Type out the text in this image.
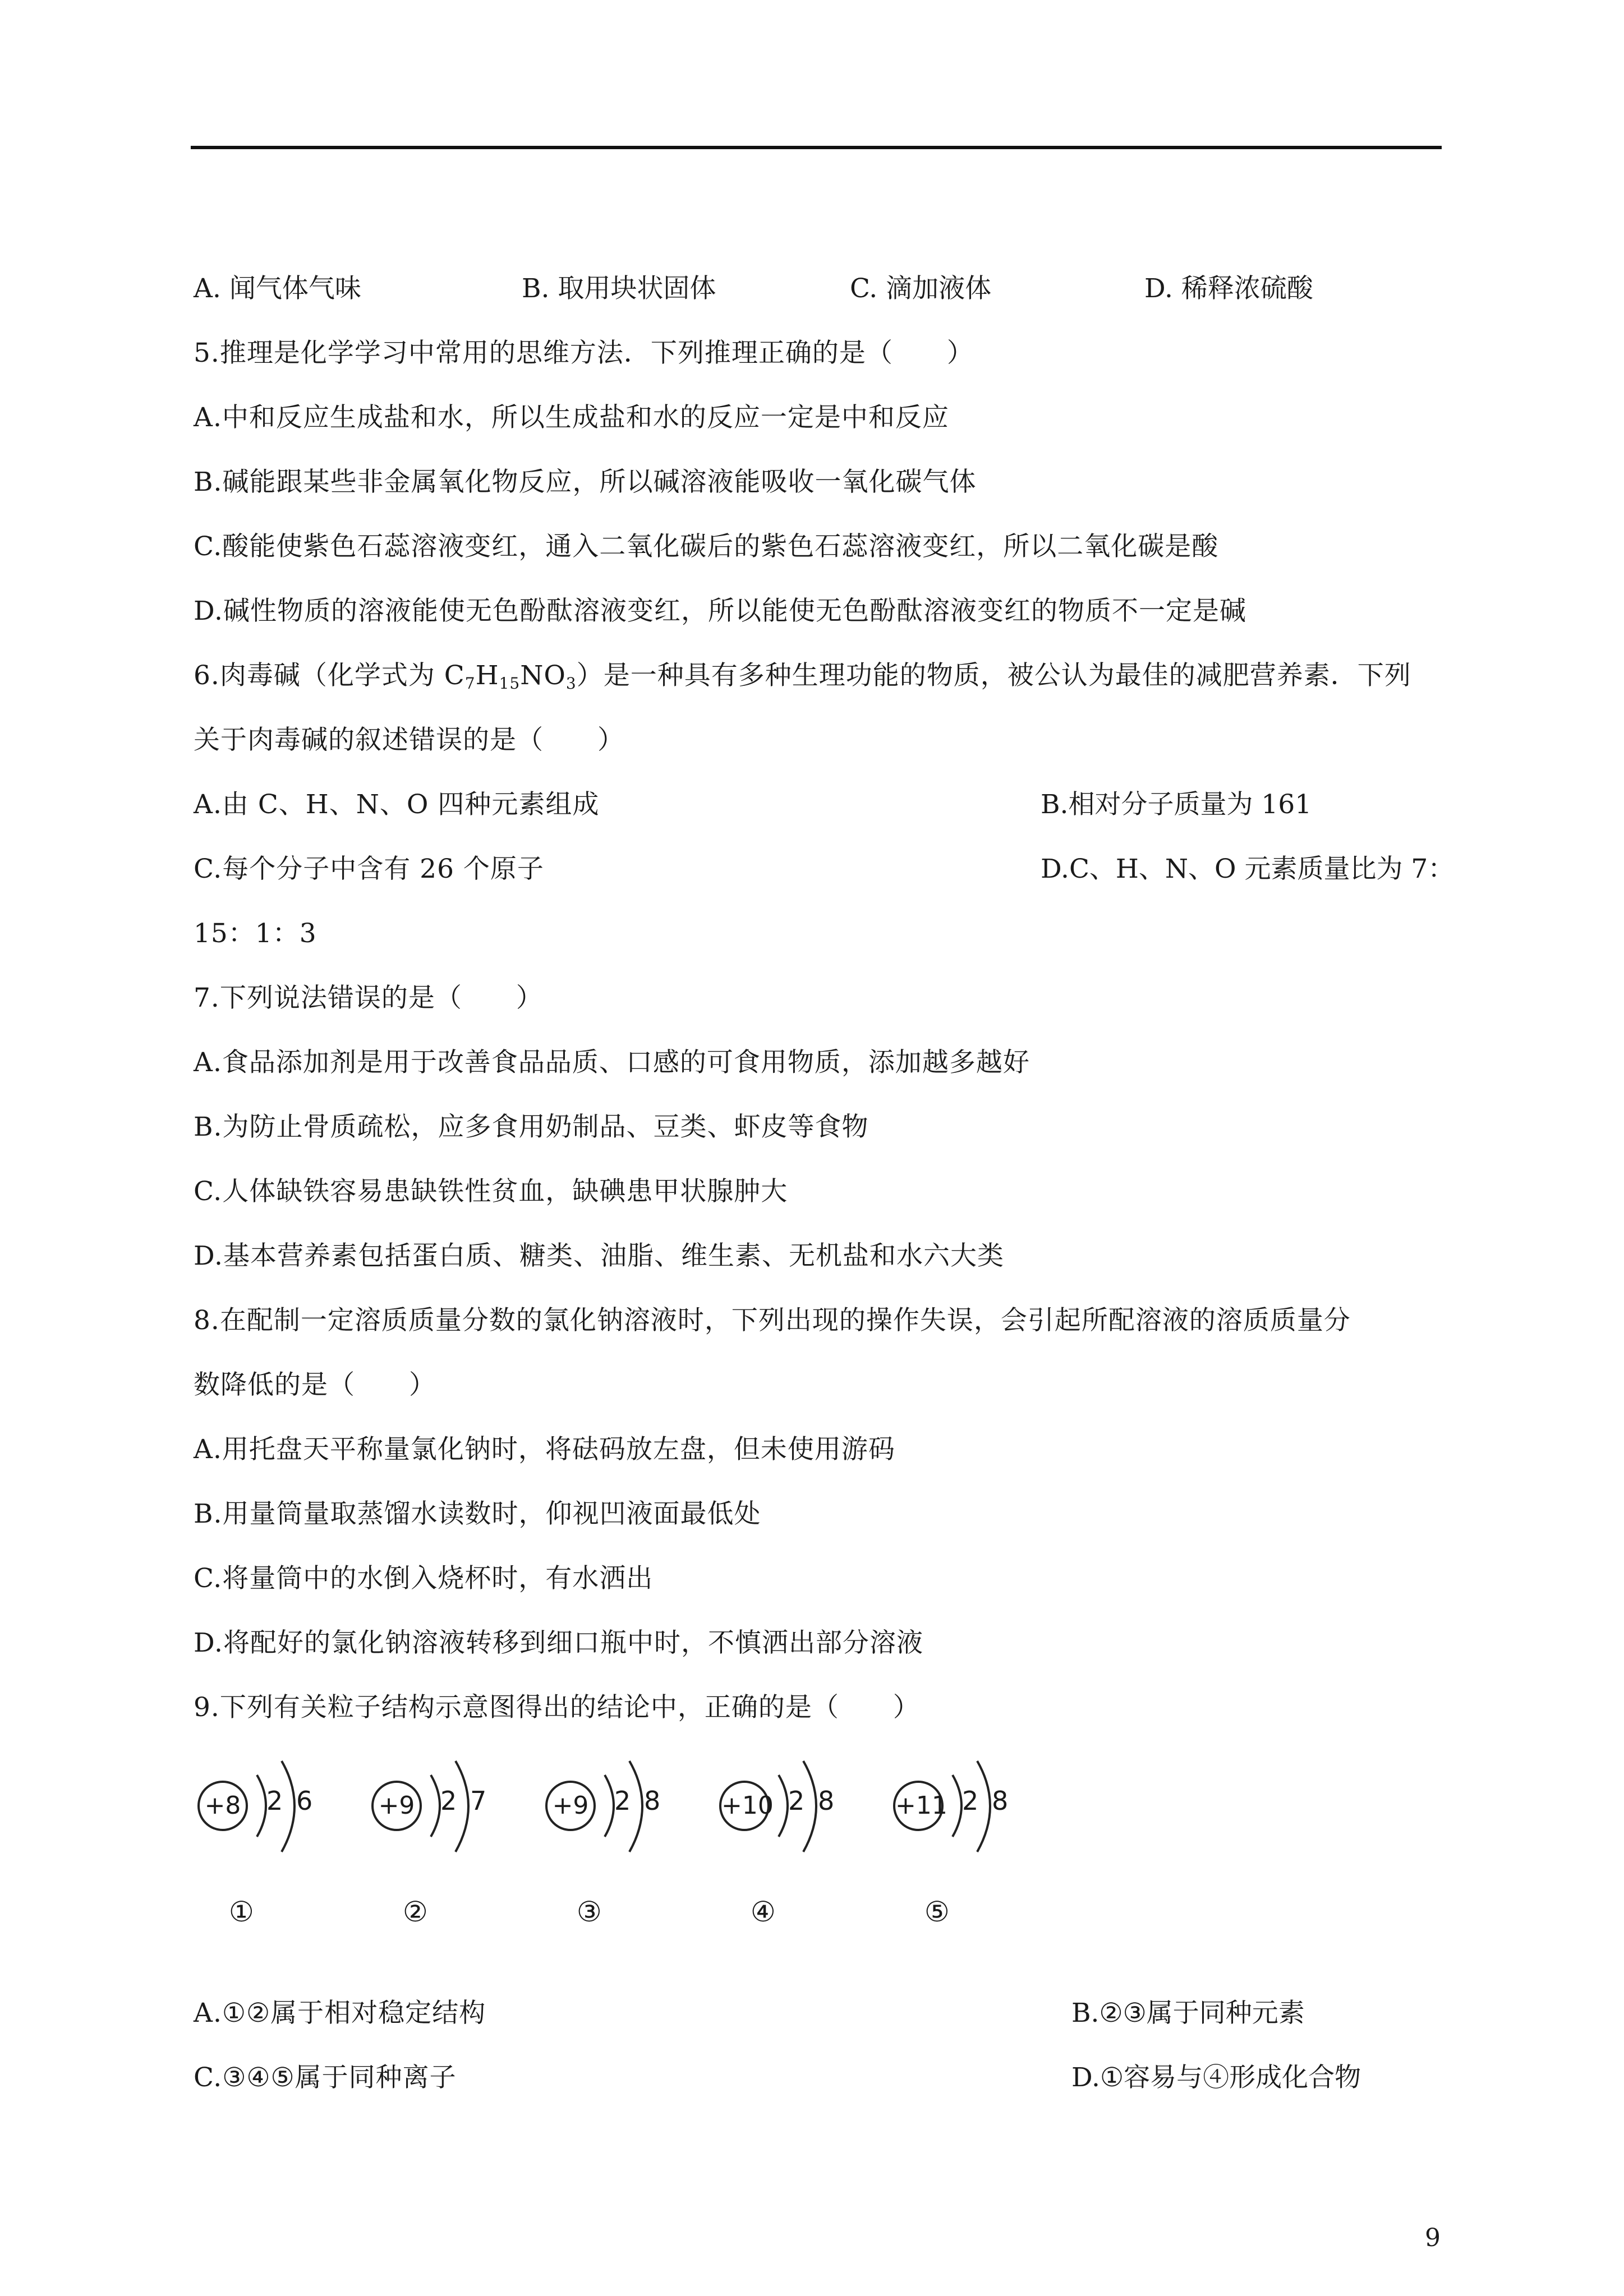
A. 闻气体气味	B. 取用块状固体	C. 滴加液体	D. 稀释浓硫酸
5.推理是化学学习中常用的思维方法．下列推理正确的是（　　）
A.中和反应生成盐和水，所以生成盐和水的反应一定是中和反应
B.碱能跟某些非金属氧化物反应，所以碱溶液能吸收一氧化碳气体
C.酸能使紫色石蕊溶液变红，通入二氧化碳后的紫色石蕊溶液变红，所以二氧化碳是酸
D.碱性物质的溶液能使无色酚酞溶液变红，所以能使无色酚酞溶液变红的物质不一定是碱
6.肉毒碱（化学式为 $C_7H_{15}NO_3$）是一种具有多种生理功能的物质，被公认为最佳的减肥营养素．下列
关于肉毒碱的叙述错误的是（　　）
A.由 C、H、N、O 四种元素组成	B.相对分子质量为 161
C.每个分子中含有 26 个原子	D.C、H、N、O 元素质量比为 7：
15：1：3
7.下列说法错误的是（　　）
A.食品添加剂是用于改善食品品质、口感的可食用物质，添加越多越好
B.为防止骨质疏松，应多食用奶制品、豆类、虾皮等食物
C.人体缺铁容易患缺铁性贫血，缺碘患甲状腺肿大
D.基本营养素包括蛋白质、糖类、油脂、维生素、无机盐和水六大类
8.在配制一定溶质质量分数的氯化钠溶液时，下列出现的操作失误，会引起所配溶液的溶质质量分
数降低的是（　　）
A.用托盘天平称量氯化钠时，将砝码放左盘，但未使用游码
B.用量筒量取蒸馏水读数时，仰视凹液面最低处
C.将量筒中的水倒入烧杯时，有水洒出
D.将配好的氯化钠溶液转移到细口瓶中时，不慎洒出部分溶液
9.下列有关粒子结构示意图得出的结论中，正确的是（　　）
+8 2 6
①
+9 2 7
②
+9 2 8
③
+10 2 8
④
+11 2 8
⑤
A.①②属于相对稳定结构	B.②③属于同种元素
C.③④⑤属于同种离子	D.①容易与④形成化合物
9
